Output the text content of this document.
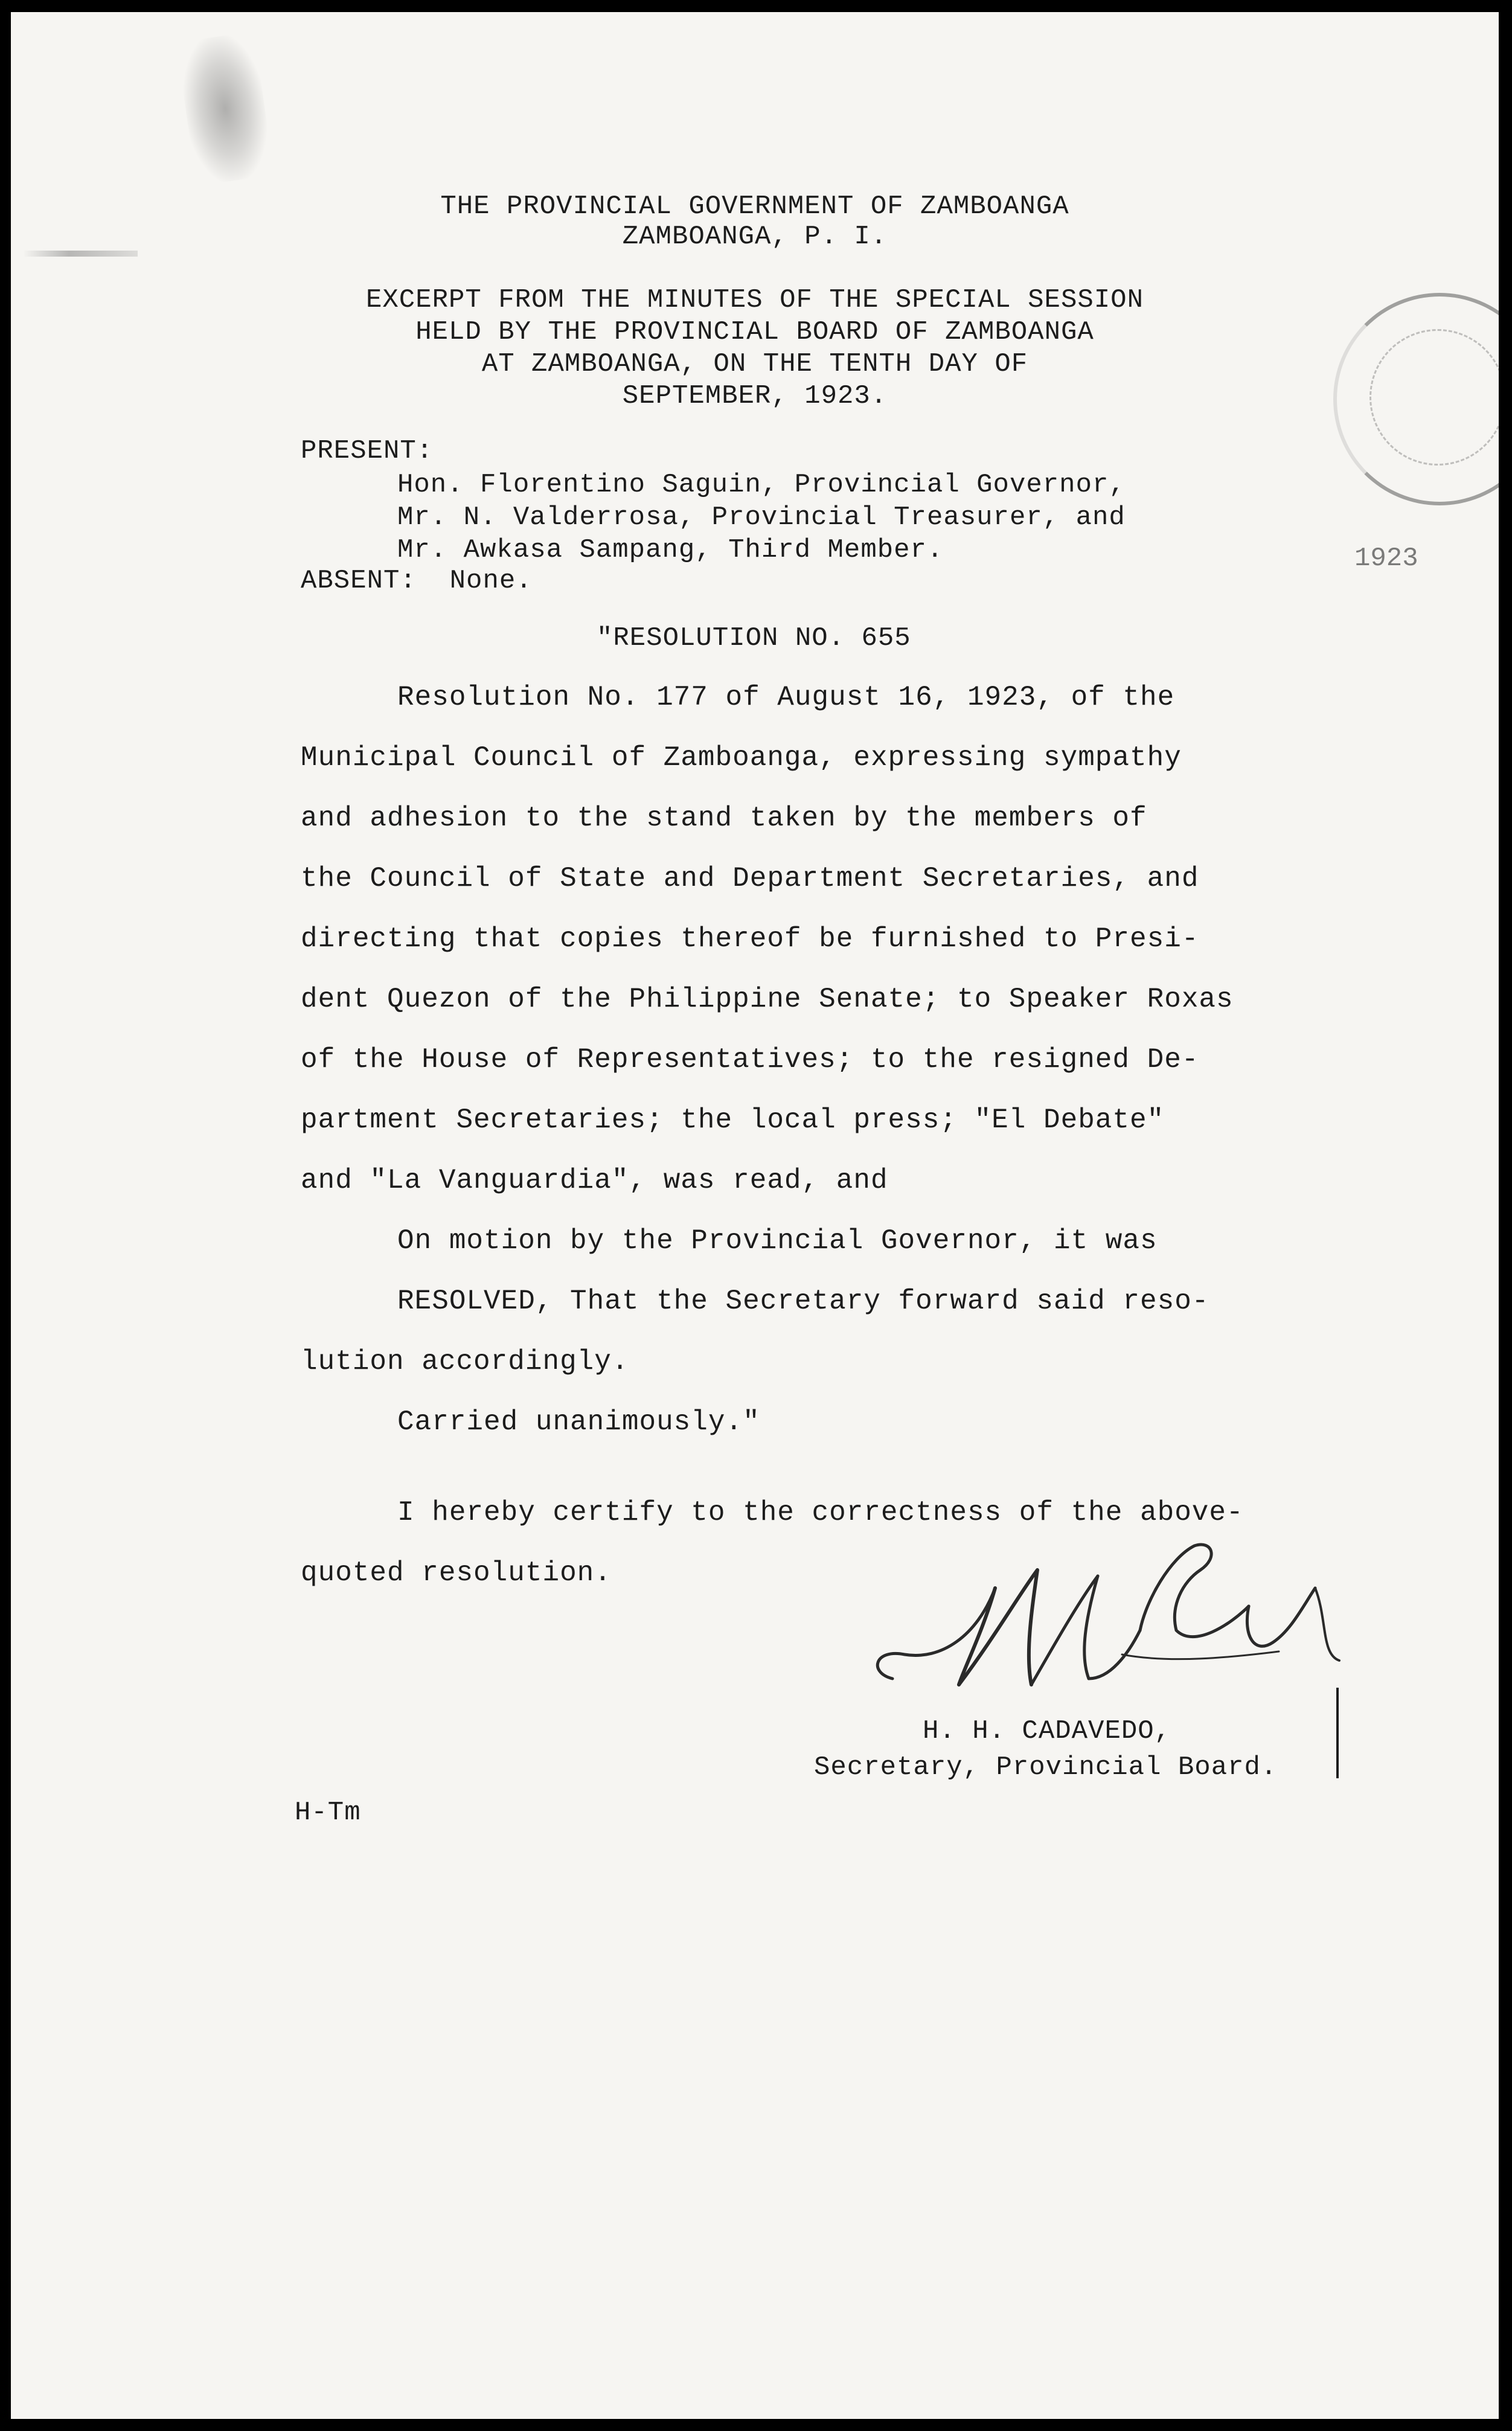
1923

THE PROVINCIAL GOVERNMENT OF ZAMBOANGA

ZAMBOANGA, P. I.

EXCERPT FROM THE MINUTES OF THE SPECIAL SESSION

HELD BY THE PROVINCIAL BOARD OF ZAMBOANGA

AT ZAMBOANGA, ON THE TENTH DAY OF

SEPTEMBER, 1923.

PRESENT:

Hon. Florentino Saguin, Provincial Governor,

Mr. N. Valderrosa, Provincial Treasurer, and

Mr. Awkasa Sampang, Third Member.

ABSENT:  None.

"RESOLUTION NO. 655

Resolution No. 177 of August 16, 1923, of the

Municipal Council of Zamboanga, expressing sympathy

and adhesion to the stand taken by the members of

the Council of State and Department Secretaries, and

directing that copies thereof be furnished to Presi-

dent Quezon of the Philippine Senate; to Speaker Roxas

of the House of Representatives; to the resigned De-

partment Secretaries; the local press; "El Debate"

and "La Vanguardia", was read, and

On motion by the Provincial Governor, it was

RESOLVED, That the Secretary forward said reso-

lution accordingly.

Carried unanimously."

I hereby certify to the correctness of the above-

quoted resolution.

H. H. CADAVEDO,

Secretary, Provincial Board.

H-Tm
